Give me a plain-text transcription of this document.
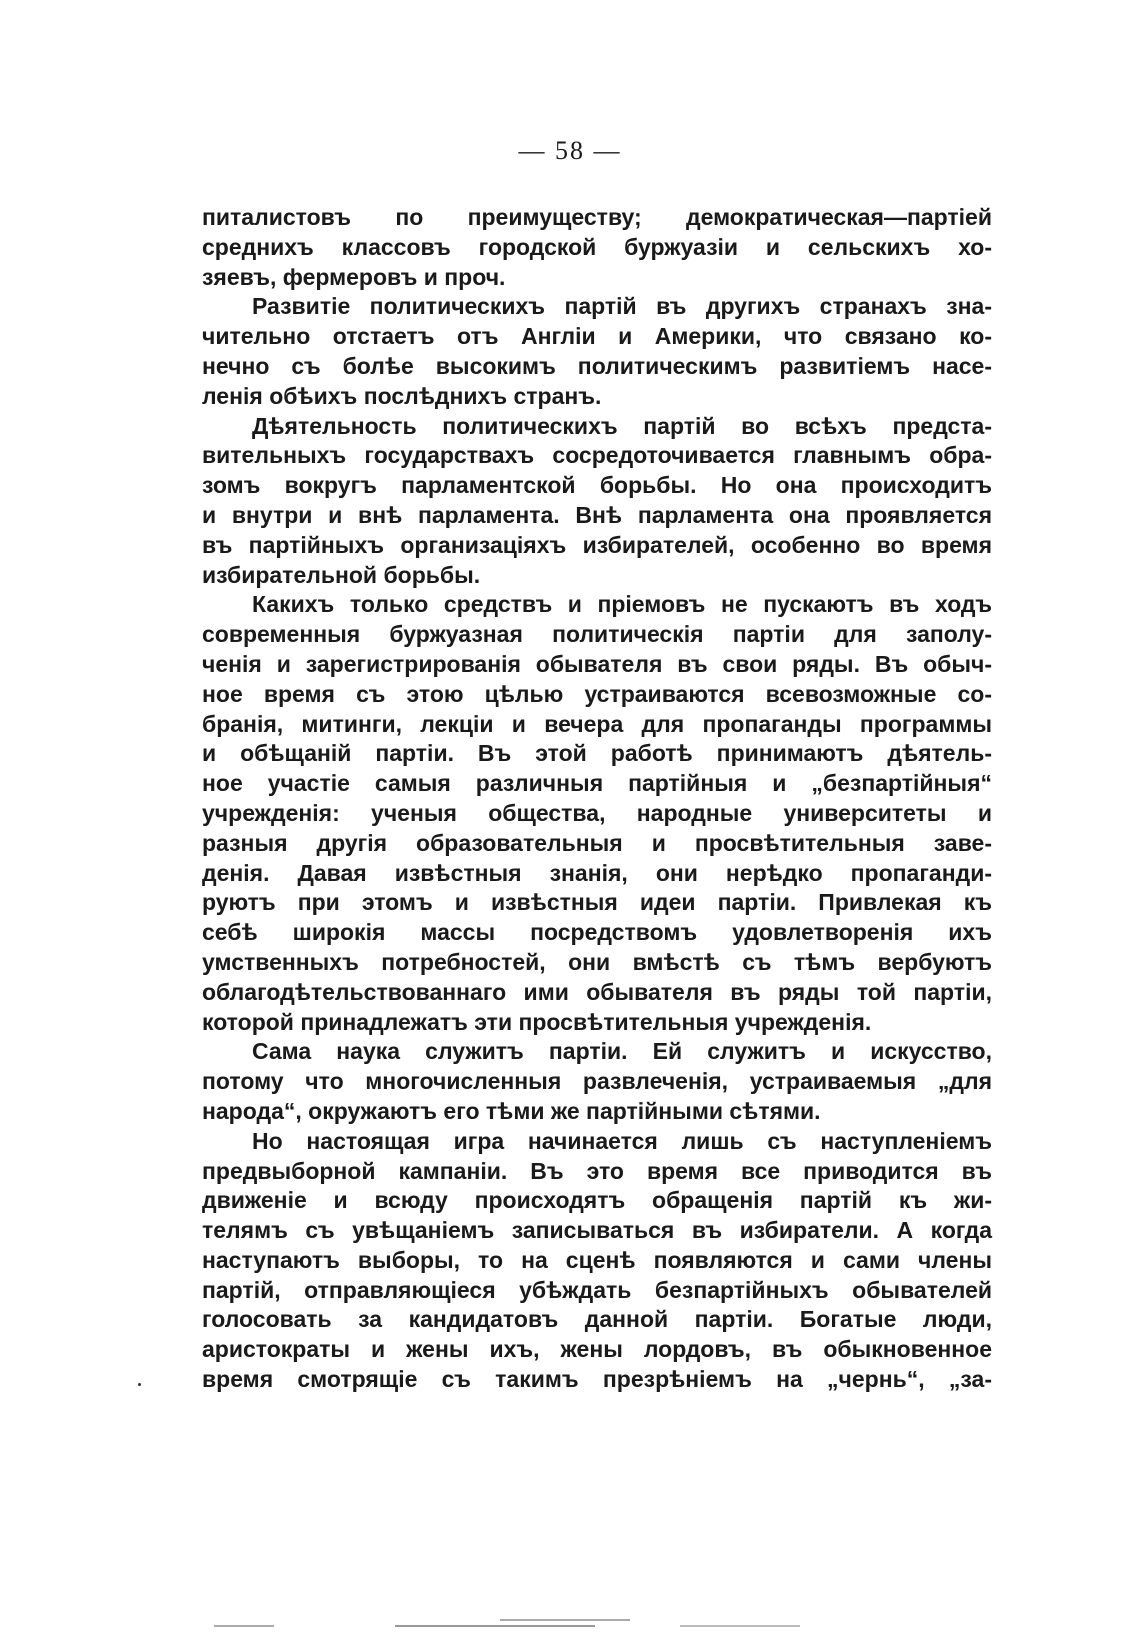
— 58 —
питалистовъ по преимуществу; демократическая—партіей
среднихъ классовъ городской буржуазіи и сельскихъ хо-
зяевъ, фермеровъ и проч.
Развитіе политическихъ партій въ другихъ странахъ зна-
чительно отстаетъ отъ Англіи и Америки, что связано ко-
нечно съ болѣе высокимъ политическимъ развитіемъ насе-
ленія обѣихъ послѣднихъ странъ.
Дѣятельность политическихъ партій во всѣхъ предста-
вительныхъ государствахъ сосредоточивается главнымъ обра-
зомъ вокругъ парламентской борьбы. Но она происходитъ
и внутри и внѣ парламента. Внѣ парламента она проявляется
въ партійныхъ организаціяхъ избирателей, особенно во время
избирательной борьбы.
Какихъ только средствъ и пріемовъ не пускаютъ въ ходъ
современныя буржуазная политическія партіи для заполу-
ченія и зарегистрированія обывателя въ свои ряды. Въ обыч-
ное время съ этою цѣлью устраиваются всевозможные со-
бранія, митинги, лекціи и вечера для пропаганды программы
и обѣщаній партіи. Въ этой работѣ принимаютъ дѣятель-
ное участіе самыя различныя партійныя и „безпартійныя“
учрежденія: ученыя общества, народные университеты и
разныя другія образовательныя и просвѣтительныя заве-
денія. Давая извѣстныя знанія, они нерѣдко пропаганди-
руютъ при этомъ и извѣстныя идеи партіи. Привлекая къ
себѣ широкія массы посредствомъ удовлетворенія ихъ
умственныхъ потребностей, они вмѣстѣ съ тѣмъ вербуютъ
облагодѣтельствованнаго ими обывателя въ ряды той партіи,
которой принадлежатъ эти просвѣтительныя учрежденія.
Сама наука служитъ партіи. Ей служитъ и искусство,
потому что многочисленныя развлеченія, устраиваемыя „для
народа“, окружаютъ его тѣми же партійными сѣтями.
Но настоящая игра начинается лишь съ наступленіемъ
предвыборной кампаніи. Въ это время все приводится въ
движеніе и всюду происходятъ обращенія партій къ жи-
телямъ съ увѣщаніемъ записываться въ избиратели. А когда
наступаютъ выборы, то на сценѣ появляются и сами члены
партій, отправляющіеся убѣждать безпартійныхъ обывателей
голосовать за кандидатовъ данной партіи. Богатые люди,
аристократы и жены ихъ, жены лордовъ, въ обыкновенное
время смотрящіе съ такимъ презрѣніемъ на „чернь“, „за-
